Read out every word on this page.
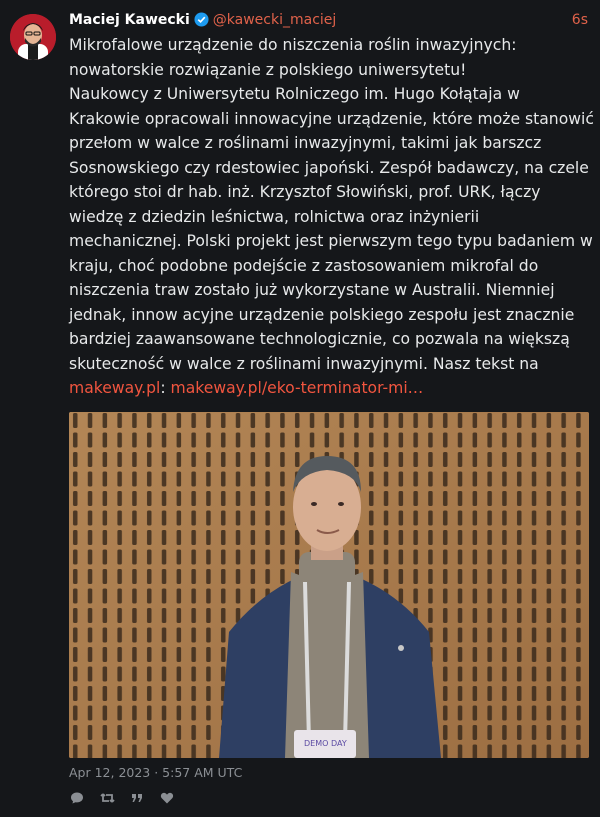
Maciej Kawecki @kawecki_maciej	6s
Mikrofalowe urządzenie do niszczenia roślin inwazyjnych: nowatorskie rozwiązanie z polskiego uniwersytetu!
Naukowcy z Uniwersytetu Rolniczego im. Hugo Kołątaja w Krakowie opracowali innowacyjne urządzenie, które może stanowić przełom w walce z roślinami inwazyjnymi, takimi jak barszcz Sosnowskiego czy rdestowiec japoński. Zespół badawczy, na czele którego stoi dr hab. inż. Krzysztof Słowiński, prof. URK, łączy wiedzę z dziedzin leśnictwa, rolnictwa oraz inżynierii mechanicznej. Polski projekt jest pierwszym tego typu badaniem w kraju, choć podobne podejście z zastosowaniem mikrofal do niszczenia traw zostało już wykorzystane w Australii. Niemniej jednak, innow acyjne urządzenie polskiego zespołu jest znacznie bardziej zaawansowane technologicznie, co pozwala na większą skuteczność w walce z roślinami inwazyjnymi. Nasz tekst na makeway.pl: makeway.pl/eko-terminator-mi…
DEMO DAY
Apr 12, 2023 · 5:57 AM UTC
